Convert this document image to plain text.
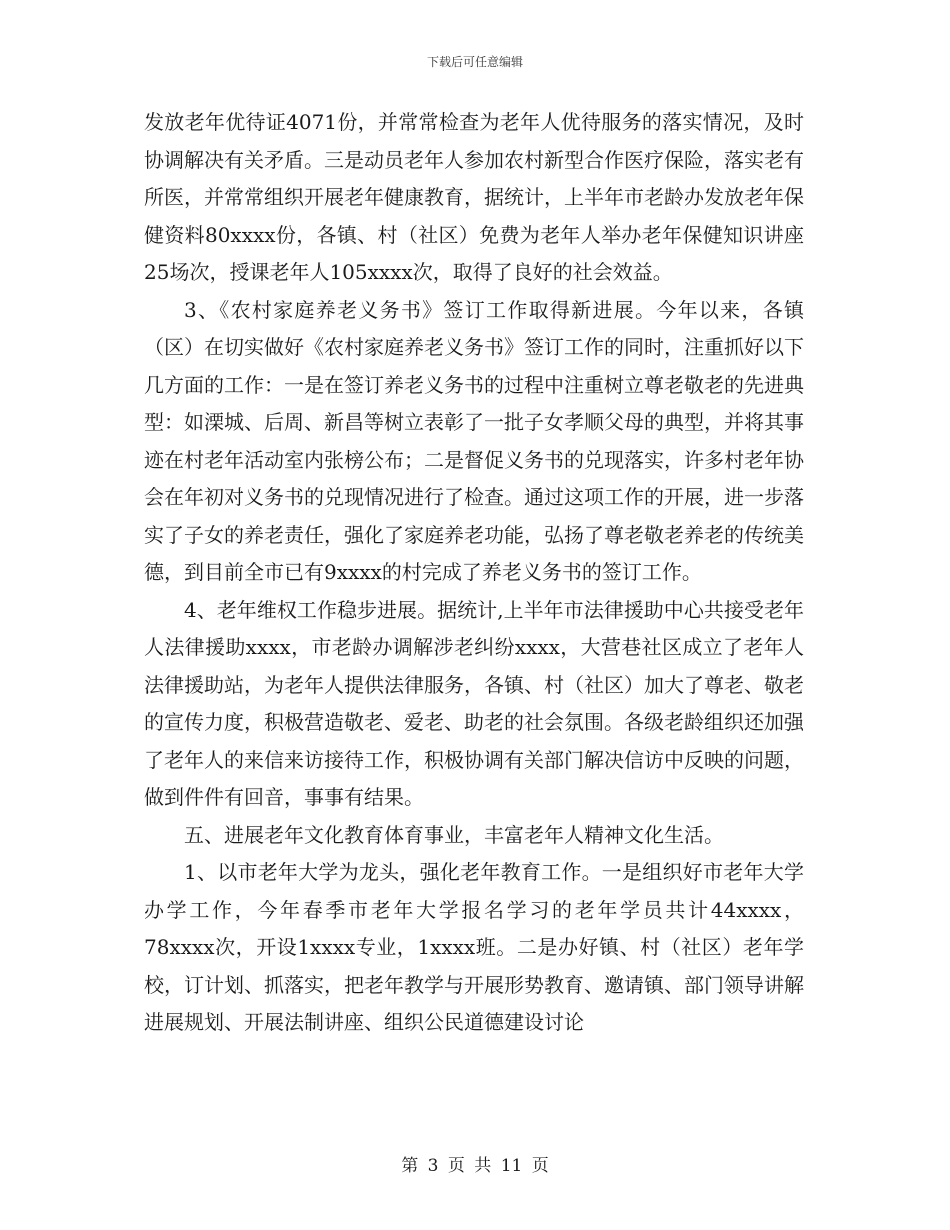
下载后可任意编辑

发放老年优待证4071份，并常常检查为老年人优待服务的落实情况，及时协调解决有关矛盾。三是动员老年人参加农村新型合作医疗保险，落实老有所医，并常常组织开展老年健康教育，据统计，上半年市老龄办发放老年保健资料80xxxx份，各镇、村（社区）免费为老年人举办老年保健知识讲座25场次，授课老年人105xxxx次，取得了良好的社会效益。

3、《农村家庭养老义务书》签订工作取得新进展。今年以来，各镇（区）在切实做好《农村家庭养老义务书》签订工作的同时，注重抓好以下几方面的工作：一是在签订养老义务书的过程中注重树立尊老敬老的先进典型：如溧城、后周、新昌等树立表彰了一批子女孝顺父母的典型，并将其事迹在村老年活动室内张榜公布；二是督促义务书的兑现落实，许多村老年协会在年初对义务书的兑现情况进行了检查。通过这项工作的开展，进一步落实了子女的养老责任，强化了家庭养老功能，弘扬了尊老敬老养老的传统美德，到目前全市已有9xxxx的村完成了养老义务书的签订工作。

4、老年维权工作稳步进展。据统计,上半年市法律援助中心共接受老年人法律援助xxxx，市老龄办调解涉老纠纷xxxx，大营巷社区成立了老年人法律援助站，为老年人提供法律服务，各镇、村（社区）加大了尊老、敬老的宣传力度，积极营造敬老、爱老、助老的社会氛围。各级老龄组织还加强了老年人的来信来访接待工作，积极协调有关部门解决信访中反映的问题，做到件件有回音，事事有结果。

五、进展老年文化教育体育事业，丰富老年人精神文化生活。

1、以市老年大学为龙头，强化老年教育工作。一是组织好市老年大学办学工作，今年春季市老年大学报名学习的老年学员共计44xxxx，78xxxx次，开设1xxxx专业，1xxxx班。二是办好镇、村（社区）老年学校，订计划、抓落实，把老年教学与开展形势教育、邀请镇、部门领导讲解进展规划、开展法制讲座、组织公民道德建设讨论

第 3 页 共 11 页
